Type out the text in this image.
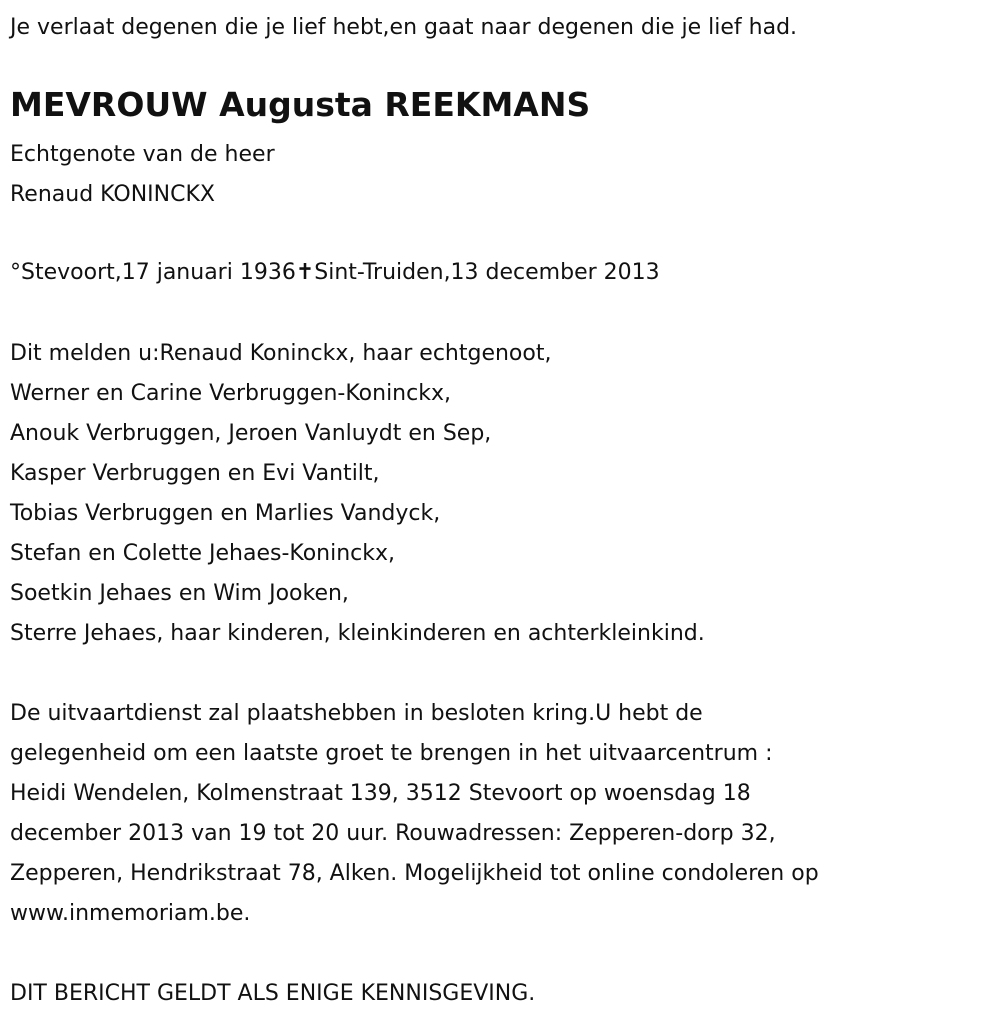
Je verlaat degenen die je lief hebt,en gaat naar degenen die je lief had.
MEVROUW Augusta REEKMANS
Echtgenote van de heer
Renaud KONINCKX
°Stevoort,17 januari 1936✝Sint-Truiden,13 december 2013
Dit melden u:Renaud Koninckx, haar echtgenoot,
Werner en Carine Verbruggen-Koninckx,
Anouk Verbruggen, Jeroen Vanluydt en Sep,
Kasper Verbruggen en Evi Vantilt,
Tobias Verbruggen en Marlies Vandyck,
Stefan en Colette Jehaes-Koninckx,
Soetkin Jehaes en Wim Jooken,
Sterre Jehaes, haar kinderen, kleinkinderen en achterkleinkind.
De uitvaartdienst zal plaatshebben in besloten kring.U hebt de
gelegenheid om een laatste groet te brengen in het uitvaarcentrum :
Heidi Wendelen, Kolmenstraat 139, 3512 Stevoort op woensdag 18
december 2013 van 19 tot 20 uur. Rouwadressen: Zepperen-dorp 32,
Zepperen, Hendrikstraat 78, Alken. Mogelijkheid tot online condoleren op
www.inmemoriam.be.
DIT BERICHT GELDT ALS ENIGE KENNISGEVING.
